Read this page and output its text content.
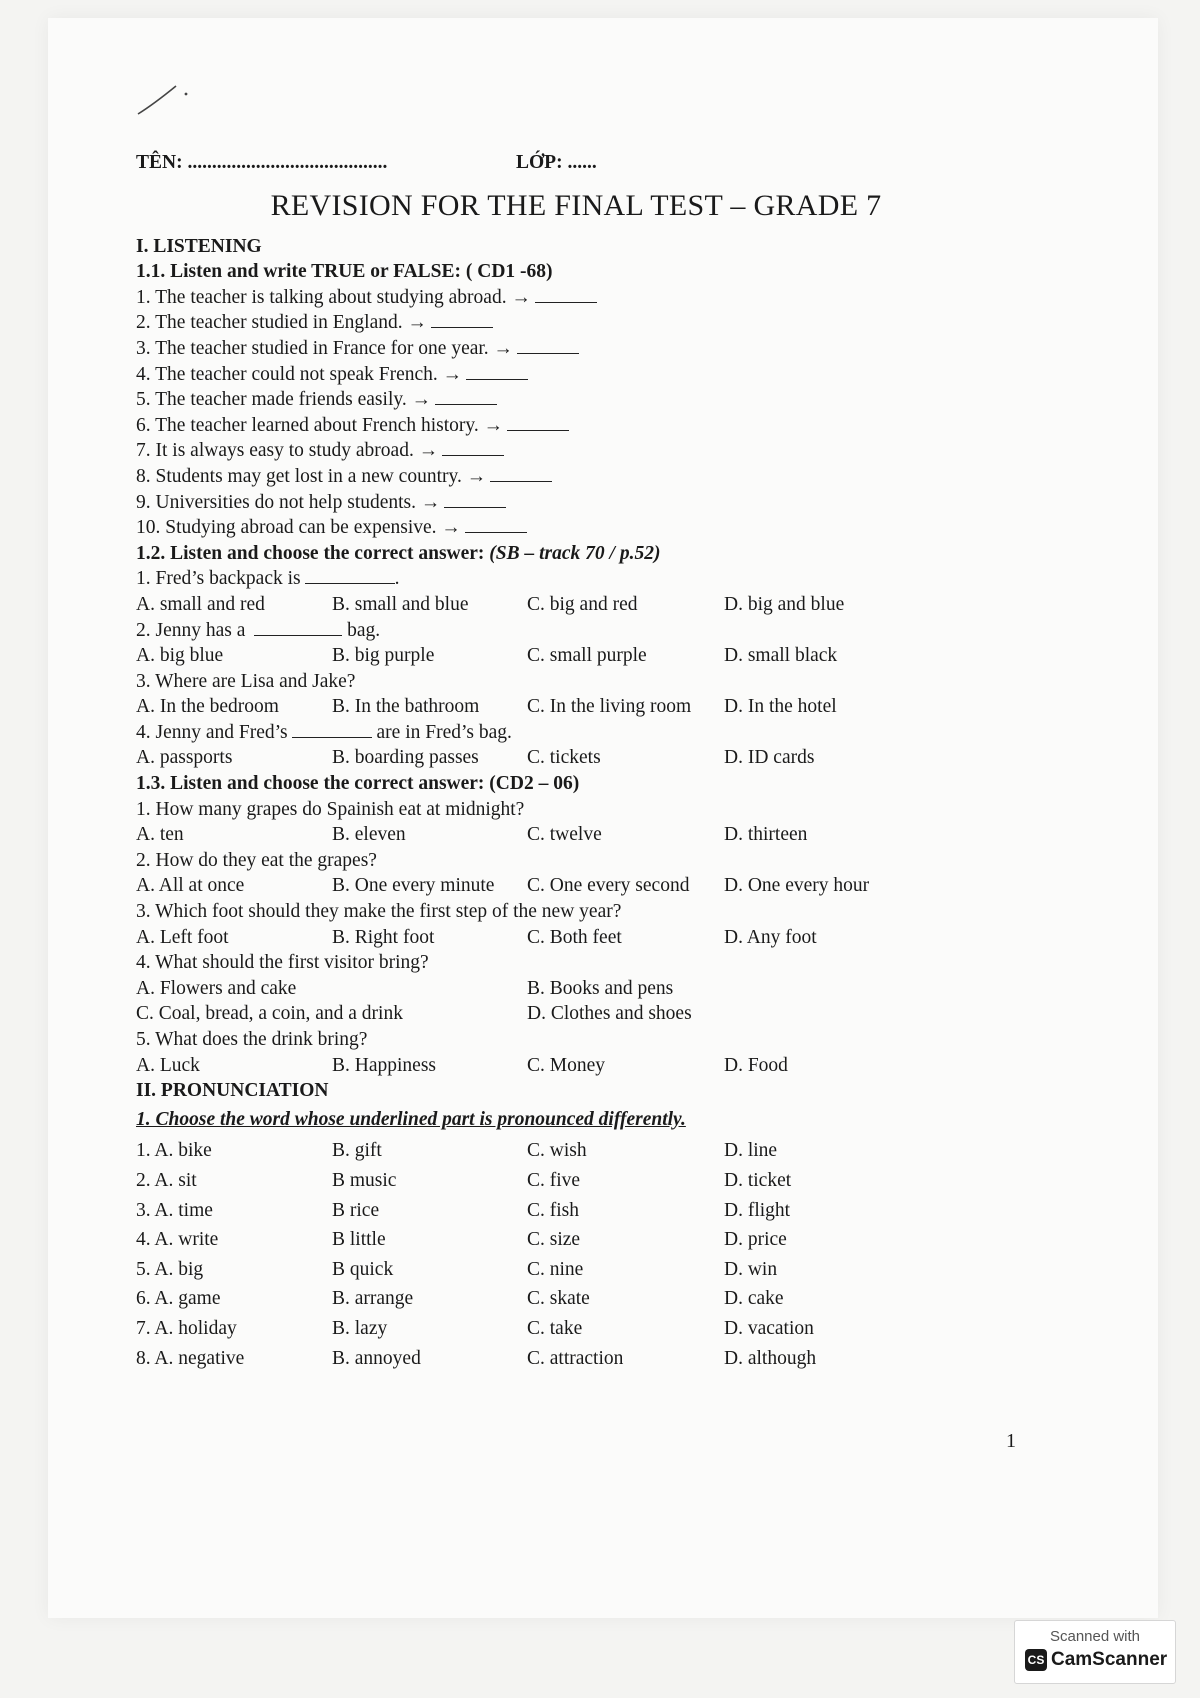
TÊN: .........................................	LỚP: ......
REVISION FOR THE FINAL TEST – GRADE 7
I. LISTENING
1.1. Listen and write TRUE or FALSE: ( CD1 -68)
1. The teacher is talking about studying abroad. →
2. The teacher studied in England. →
3. The teacher studied in France for one year. →
4. The teacher could not speak French. →
5. The teacher made friends easily. →
6. The teacher learned about French history. →
7. It is always easy to study abroad. →
8. Students may get lost in a new country. →
9. Universities do not help students. →
10. Studying abroad can be expensive. →
1.2. Listen and choose the correct answer: (SB – track 70 / p.52)
1. Fred’s backpack is	.
A. small and red	B. small and blue	C. big and red	D. big and blue
2. Jenny has a	bag.
A. big blue	B. big purple	C. small purple	D. small black
3. Where are Lisa and Jake?
A. In the bedroom	B. In the bathroom	C. In the living room	D. In the hotel
4. Jenny and Fred’s	are in Fred’s bag.
A. passports	B. boarding passes	C. tickets	D. ID cards
1.3. Listen and choose the correct answer: (CD2 – 06)
1. How many grapes do Spainish eat at midnight?
A. ten	B. eleven	C. twelve	D. thirteen
2. How do they eat the grapes?
A. All at once	B. One every minute	C. One every second	D. One every hour
3. Which foot should they make the first step of the new year?
A. Left foot	B. Right foot	C. Both feet	D. Any foot
4. What should the first visitor bring?
A. Flowers and cake	B. Books and pens
C. Coal, bread, a coin, and a drink	D. Clothes and shoes
5. What does the drink bring?
A. Luck	B. Happiness	C. Money	D. Food
II. PRONUNCIATION
1. Choose the word whose underlined part is pronounced differently.
1. A. bike	B. gift	C. wish	D. line
2. A. sit	B music	C. five	D. ticket
3. A. time	B rice	C. fish	D. flight
4. A. write	B little	C. size	D. price
5. A. big	B quick	C. nine	D. win
6. A. game	B. arrange	C. skate	D. cake
7. A. holiday	B. lazy	C. take	D. vacation
8. A. negative	B. annoyed	C. attraction	D. although
1
Scanned with
CS CamScanner
